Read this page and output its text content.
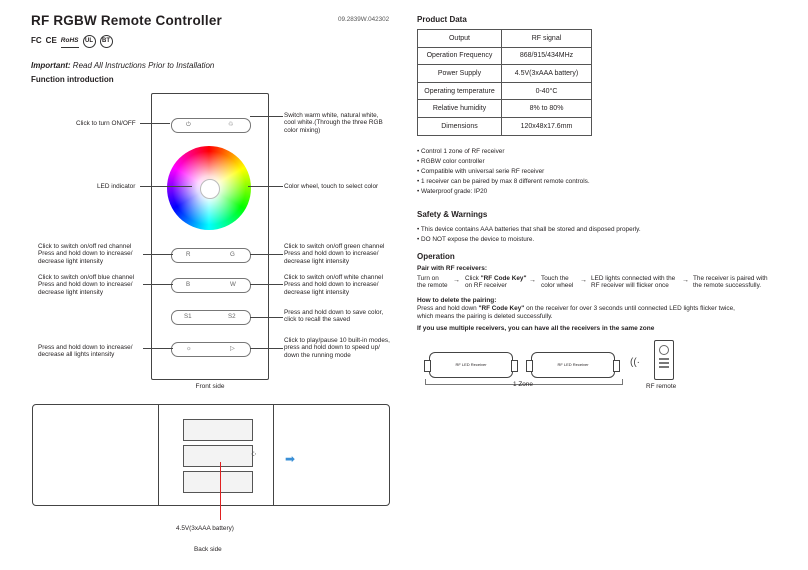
RF RGBW Remote Controller	09.2839W.042302
FC CE RoHS	UL	BT
Important: Read All Instructions Prior to Installation
Function introduction
⏻	♲
R	G
B	W
S1	S2
☼	▷
Front side
Click to turn ON/OFF
LED indicator
Click to switch on/off red channel
Press and hold down to increase/
decrease light intensity
Click to switch on/off blue channel
Press and hold down to increase/
decrease light intensity
Press and hold down to increase/
decrease all lights intensity
Switch warm white, natural white,
cool white.(Through the three RGB
color mixing)
Color wheel, touch to select color
Click to switch on/off green channel
Press and hold down to increase/
decrease light intensity
Click to switch on/off white channel
Press and hold down to increase/
decrease light intensity
Press and hold down to save color,
click to recall the saved
Click to play/pause 10 built-in modes,
press and hold down to speed up/
down the running mode
⁘ ➡
4.5V(3xAAA battery)
Back side
Product Data
Output	RF signal
Operation Frequency	868/915/434MHz
Power Supply	4.5V(3xAAA battery)
Operating temperature	0-40°C
Relative humidity	8% to 80%
Dimensions	120x48x17.6mm
• Control 1 zone of RF receiver
• RGBW color controller
• Compatible with universal serie RF receiver
• 1 receiver can be paired by max 8 different remote controls.
• Waterproof grade: IP20
Safety & Warnings
• This device contains AAA batteries that shall be stored and disposed properly.
• DO NOT expose the device to moisture.
Operation
Pair with RF receivers:
Turn on
the remote
→ Click "RF Code Key"
on RF receiver
→ Touch the
color wheel
→ LED lights connected with the
RF receiver will flicker once
→ The receiver is paired with
the remote successfully.
How to delete the pairing:
Press and hold down "RF Code Key" on the receiver for over 3 seconds until connected LED lights flicker twice,
which means the pairing is deleted successfully.
If you use multiple receivers, you can have all the receivers in the same zone
RF LED Receiver	RF LED Receiver
1 Zone
((·
RF remote
